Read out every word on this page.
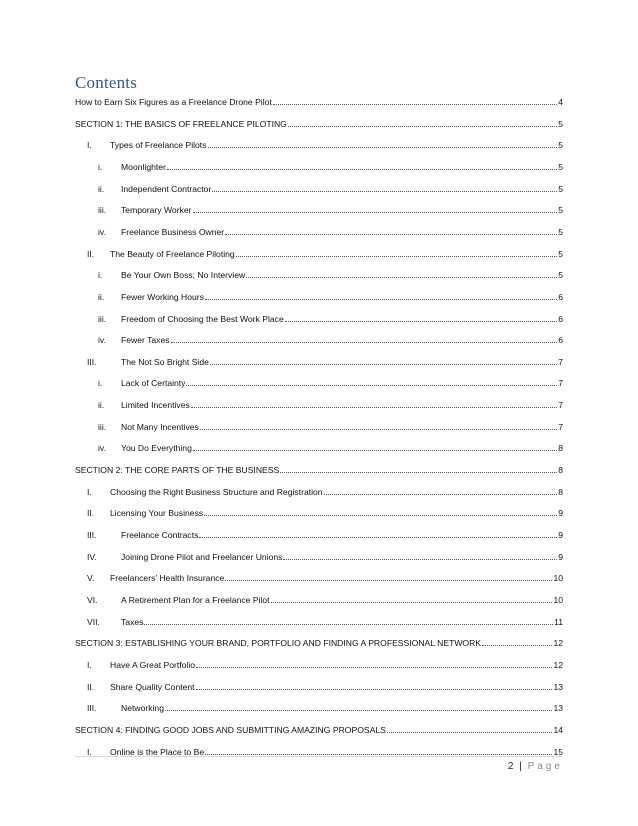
Contents
How to Earn Six Figures as a Freelance Drone Pilot	4
SECTION 1: THE BASICS OF FREELANCE PILOTING	5
I.	Types of Freelance Pilots	5
i.	Moonlighter	5
ii.	Independent Contractor	5
iii.	Temporary Worker	5
iv.	Freelance Business Owner	5
II.	The Beauty of Freelance Piloting	5
i.	Be Your Own Boss; No Interview	5
ii.	Fewer Working Hours	6
iii.	Freedom of Choosing the Best Work Place	6
iv.	Fewer Taxes	6
III.	The Not So Bright Side	7
i.	Lack of Certainty	7
ii.	Limited Incentives	7
iii.	Not Many Incentives	7
iv.	You Do Everything	8
SECTION 2: THE CORE PARTS OF THE BUSINESS	8
I.	Choosing the Right Business Structure and Registration	8
II.	Licensing Your Business	9
III.	Freelance Contracts	9
IV.	Joining Drone Pilot and Freelancer Unions	9
V.	Freelancers’ Health Insurance	10
VI.	A Retirement Plan for a Freelance Pilot	10
VII.	Taxes	11
SECTION 3: ESTABLISHING YOUR BRAND, PORTFOLIO AND FINDING A PROFESSIONAL NETWORK	12
I.	Have A Great Portfolio	12
II.	Share Quality Content	13
III.	Networking	13
SECTION 4: FINDING GOOD JOBS AND SUBMITTING AMAZING PROPOSALS	14
I.	Online is the Place to Be	15
2 | Page
